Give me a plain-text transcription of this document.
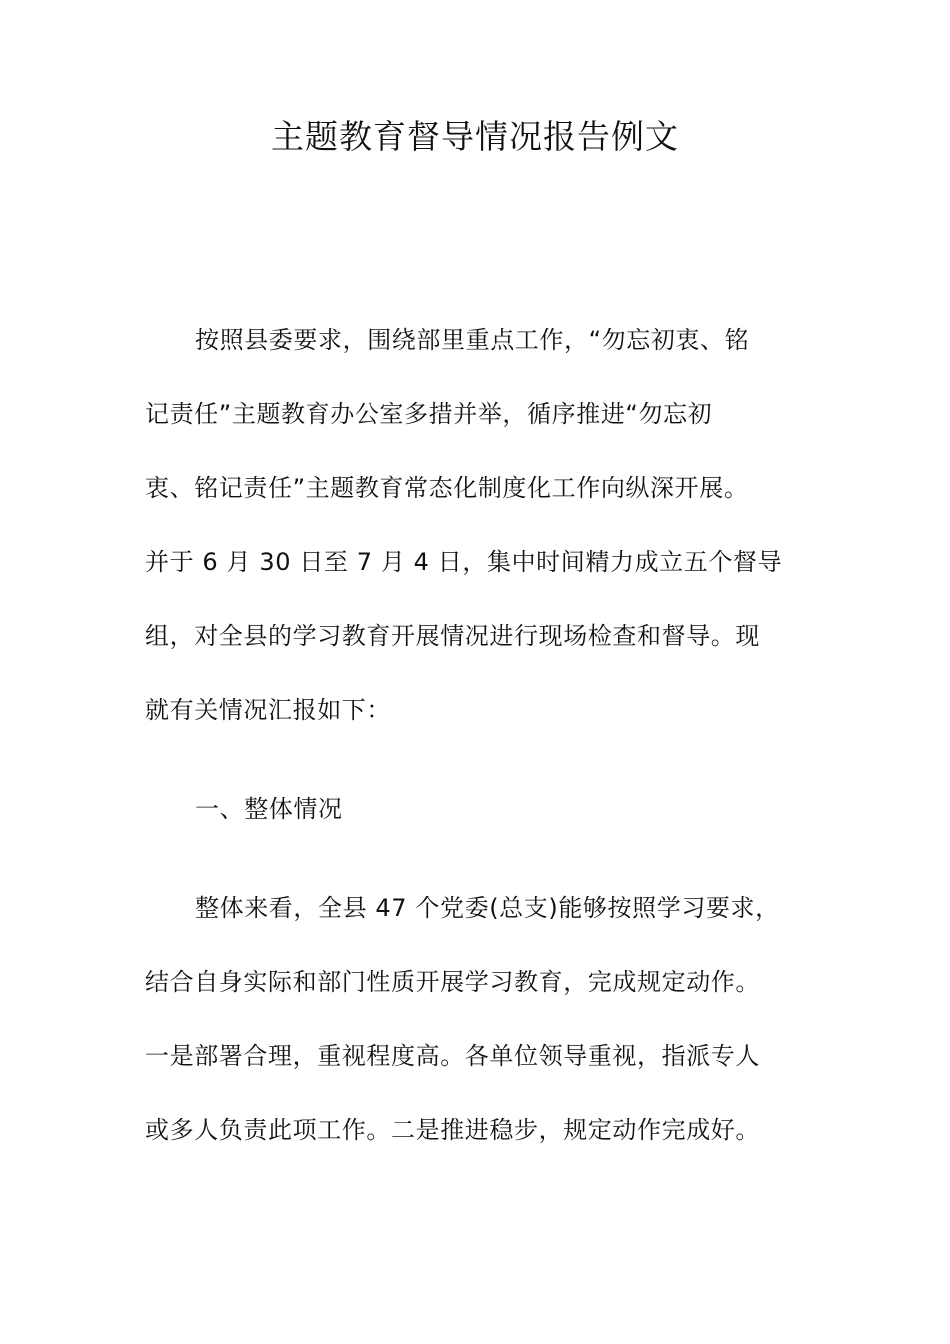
主题教育督导情况报告例文
按照县委要求，围绕部里重点工作，“勿忘初衷、铭
记责任”主题教育办公室多措并举，循序推进“勿忘初
衷、铭记责任”主题教育常态化制度化工作向纵深开展。
并于 6 月 30 日至 7 月 4 日，集中时间精力成立五个督导
组，对全县的学习教育开展情况进行现场检查和督导。现
就有关情况汇报如下：
一、整体情况
整体来看，全县 47 个党委(总支)能够按照学习要求，
结合自身实际和部门性质开展学习教育，完成规定动作。
一是部署合理，重视程度高。各单位领导重视，指派专人
或多人负责此项工作。二是推进稳步，规定动作完成好。
